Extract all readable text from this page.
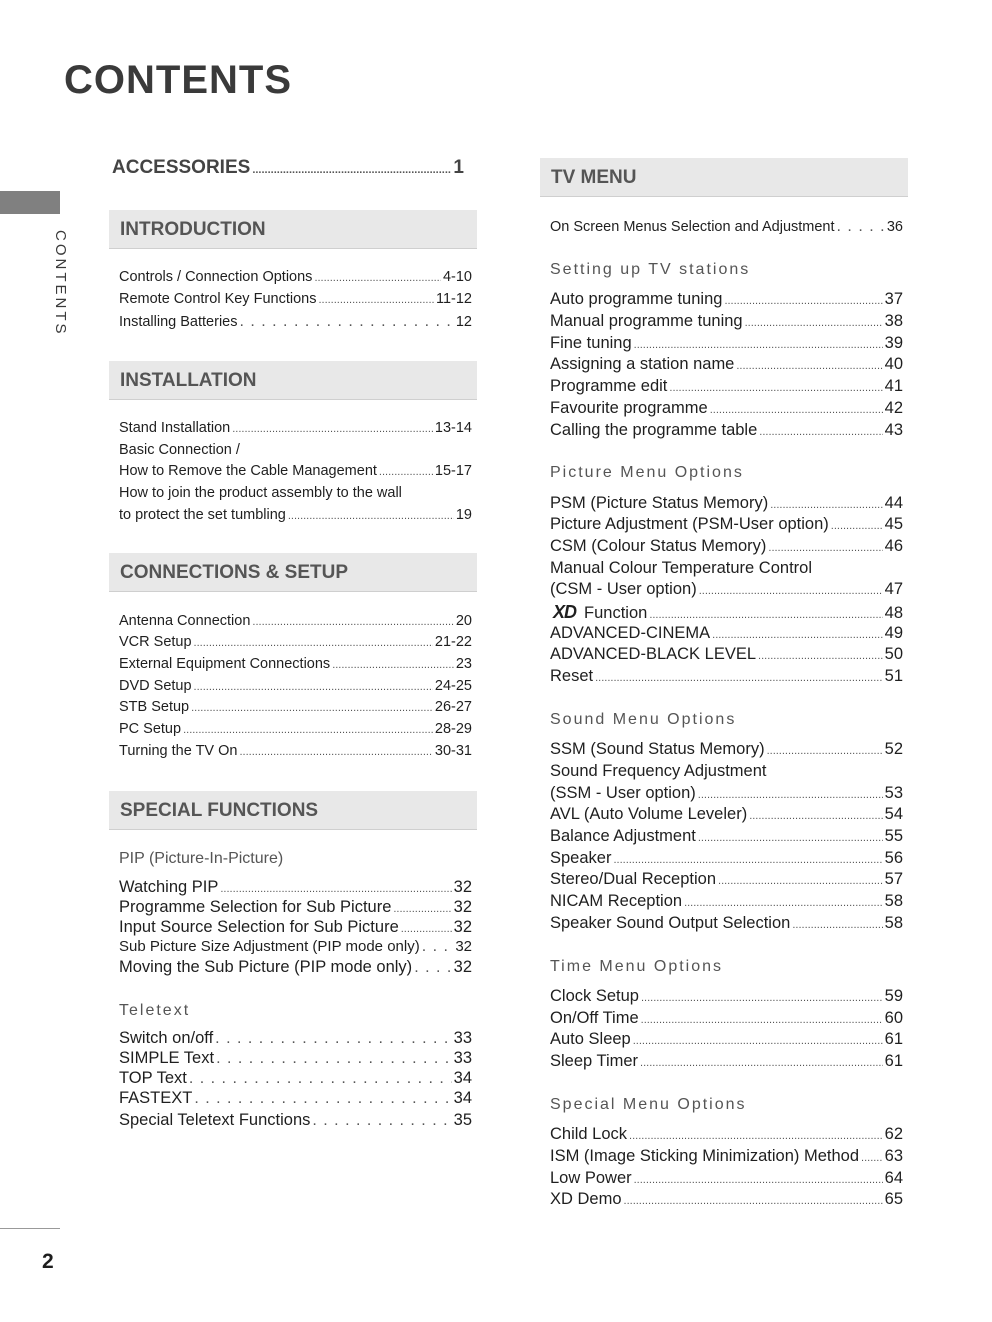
CONTENTS
CONTENTS
2
ACCESSORIES .....	1
INTRODUCTION
Controls / Connection Options .....	4-10
Remote Control Key Functions .....	11-12
Installing Batteries . . .	12
INSTALLATION
Stand Installation .....	13-14
Basic Connection /
How to Remove the Cable Management .....	15-17
How to join the product assembly to the wall
to protect the set tumbling .....	19
CONNECTIONS & SETUP
Antenna Connection .....	20
VCR Setup .....	21-22
External Equipment Connections .....	23
DVD Setup .....	24-25
STB Setup .....	26-27
PC Setup .....	28-29
Turning the TV On .....	30-31
SPECIAL FUNCTIONS
PIP (Picture-In-Picture)
Watching PIP .....	32
Programme Selection for Sub Picture .....	32
Input Source Selection for Sub Picture .....	32
Sub Picture Size Adjustment (PIP mode only) . . . 32
Moving the Sub Picture (PIP mode only) . . .	32
Teletext
Switch on/off . . .	33
SIMPLE Text . . .	33
TOP Text . . .	34
FASTEXT . . .	34
Special Teletext Functions . . .	35
TV MENU
On Screen Menus Selection and Adjustment . . .	36
Setting up TV stations
Auto programme tuning .....	37
Manual programme tuning .....	38
Fine tuning .....	39
Assigning a station name .....	40
Programme edit .....	41
Favourite programme .....	42
Calling the programme table .....	43
Picture Menu Options
PSM (Picture Status Memory) .....	44
Picture Adjustment (PSM-User option) .....	45
CSM (Colour Status Memory) .....	46
Manual Colour Temperature Control
(CSM - User option) .....	47
XD Function .....	48
ADVANCED-CINEMA .....	49
ADVANCED-BLACK LEVEL .....	50
Reset .....	51
Sound Menu Options
SSM (Sound Status Memory) .....	52
Sound Frequency Adjustment
(SSM - User option) .....	53
AVL (Auto Volume Leveler) .....	54
Balance Adjustment .....	55
Speaker .....	56
Stereo/Dual Reception .....	57
NICAM Reception .....	58
Speaker Sound Output Selection .....	58
Time Menu Options
Clock Setup .....	59
On/Off Time .....	60
Auto Sleep .....	61
Sleep Timer .....	61
Special Menu Options
Child Lock .....	62
ISM (Image Sticking Minimization) Method ..... 63
Low Power .....	64
XD Demo .....	65
